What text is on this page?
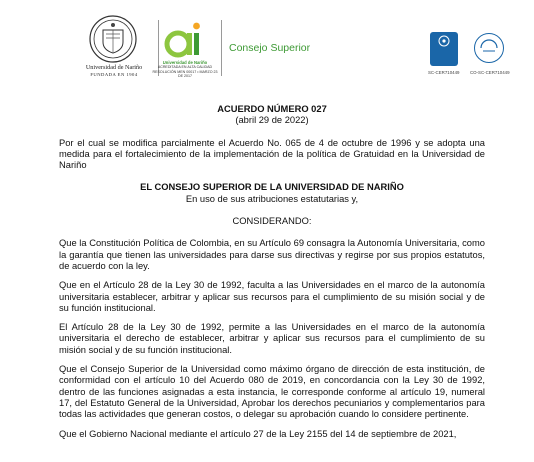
Universidad de Nariño
FUNDADA EN 1904
Universidad de Nariño
ACREDITADA EN ALTA CALIDAD
RESOLUCIÓN MEN 00017 • MARZO 23 DE 2017
Consejo Superior
SC-CER710449 CO-SC-CER710449
ACUERDO NÚMERO 027
(abril 29 de 2022)

Por el cual se modifica parcialmente el Acuerdo No. 065 de 4 de octubre de 1996 y se adopta una medida para el fortalecimiento de la implementación de la política de Gratuidad en la Universidad de Nariño

EL CONSEJO SUPERIOR DE LA UNIVERSIDAD DE NARIÑO
En uso de sus atribuciones estatutarias y,
CONSIDERANDO:

Que la Constitución Política de Colombia, en su Artículo 69 consagra la Autonomía Universitaria, como la garantía que tienen las universidades para darse sus directivas y regirse por sus propios estatutos, de acuerdo con la ley.

Que en el Artículo 28 de la Ley 30 de 1992, faculta a las Universidades en el marco de la autonomía universitaria establecer, arbitrar y aplicar sus recursos para el cumplimiento de su misión social y de su función institucional.

El Artículo 28 de la Ley 30 de 1992, permite a las Universidades en el marco de la autonomía universitaria el derecho de establecer, arbitrar y aplicar sus recursos para el cumplimiento de su misión social y de su función institucional.

Que el Consejo Superior de la Universidad como máximo órgano de dirección de esta institución, de conformidad con el artículo 10 del Acuerdo 080 de 2019, en concordancia con la Ley 30 de 1992, dentro de las funciones asignadas a esta instancia, le corresponde conforme al artículo 19, numeral 17, del Estatuto General de la Universidad, Aprobar los derechos pecuniarios y complementarios para todas las actividades que generan costos, o delegar su aprobación cuando lo considere pertinente.

Que el Gobierno Nacional mediante el artículo 27 de la Ley 2155 del 14 de septiembre de 2021,
